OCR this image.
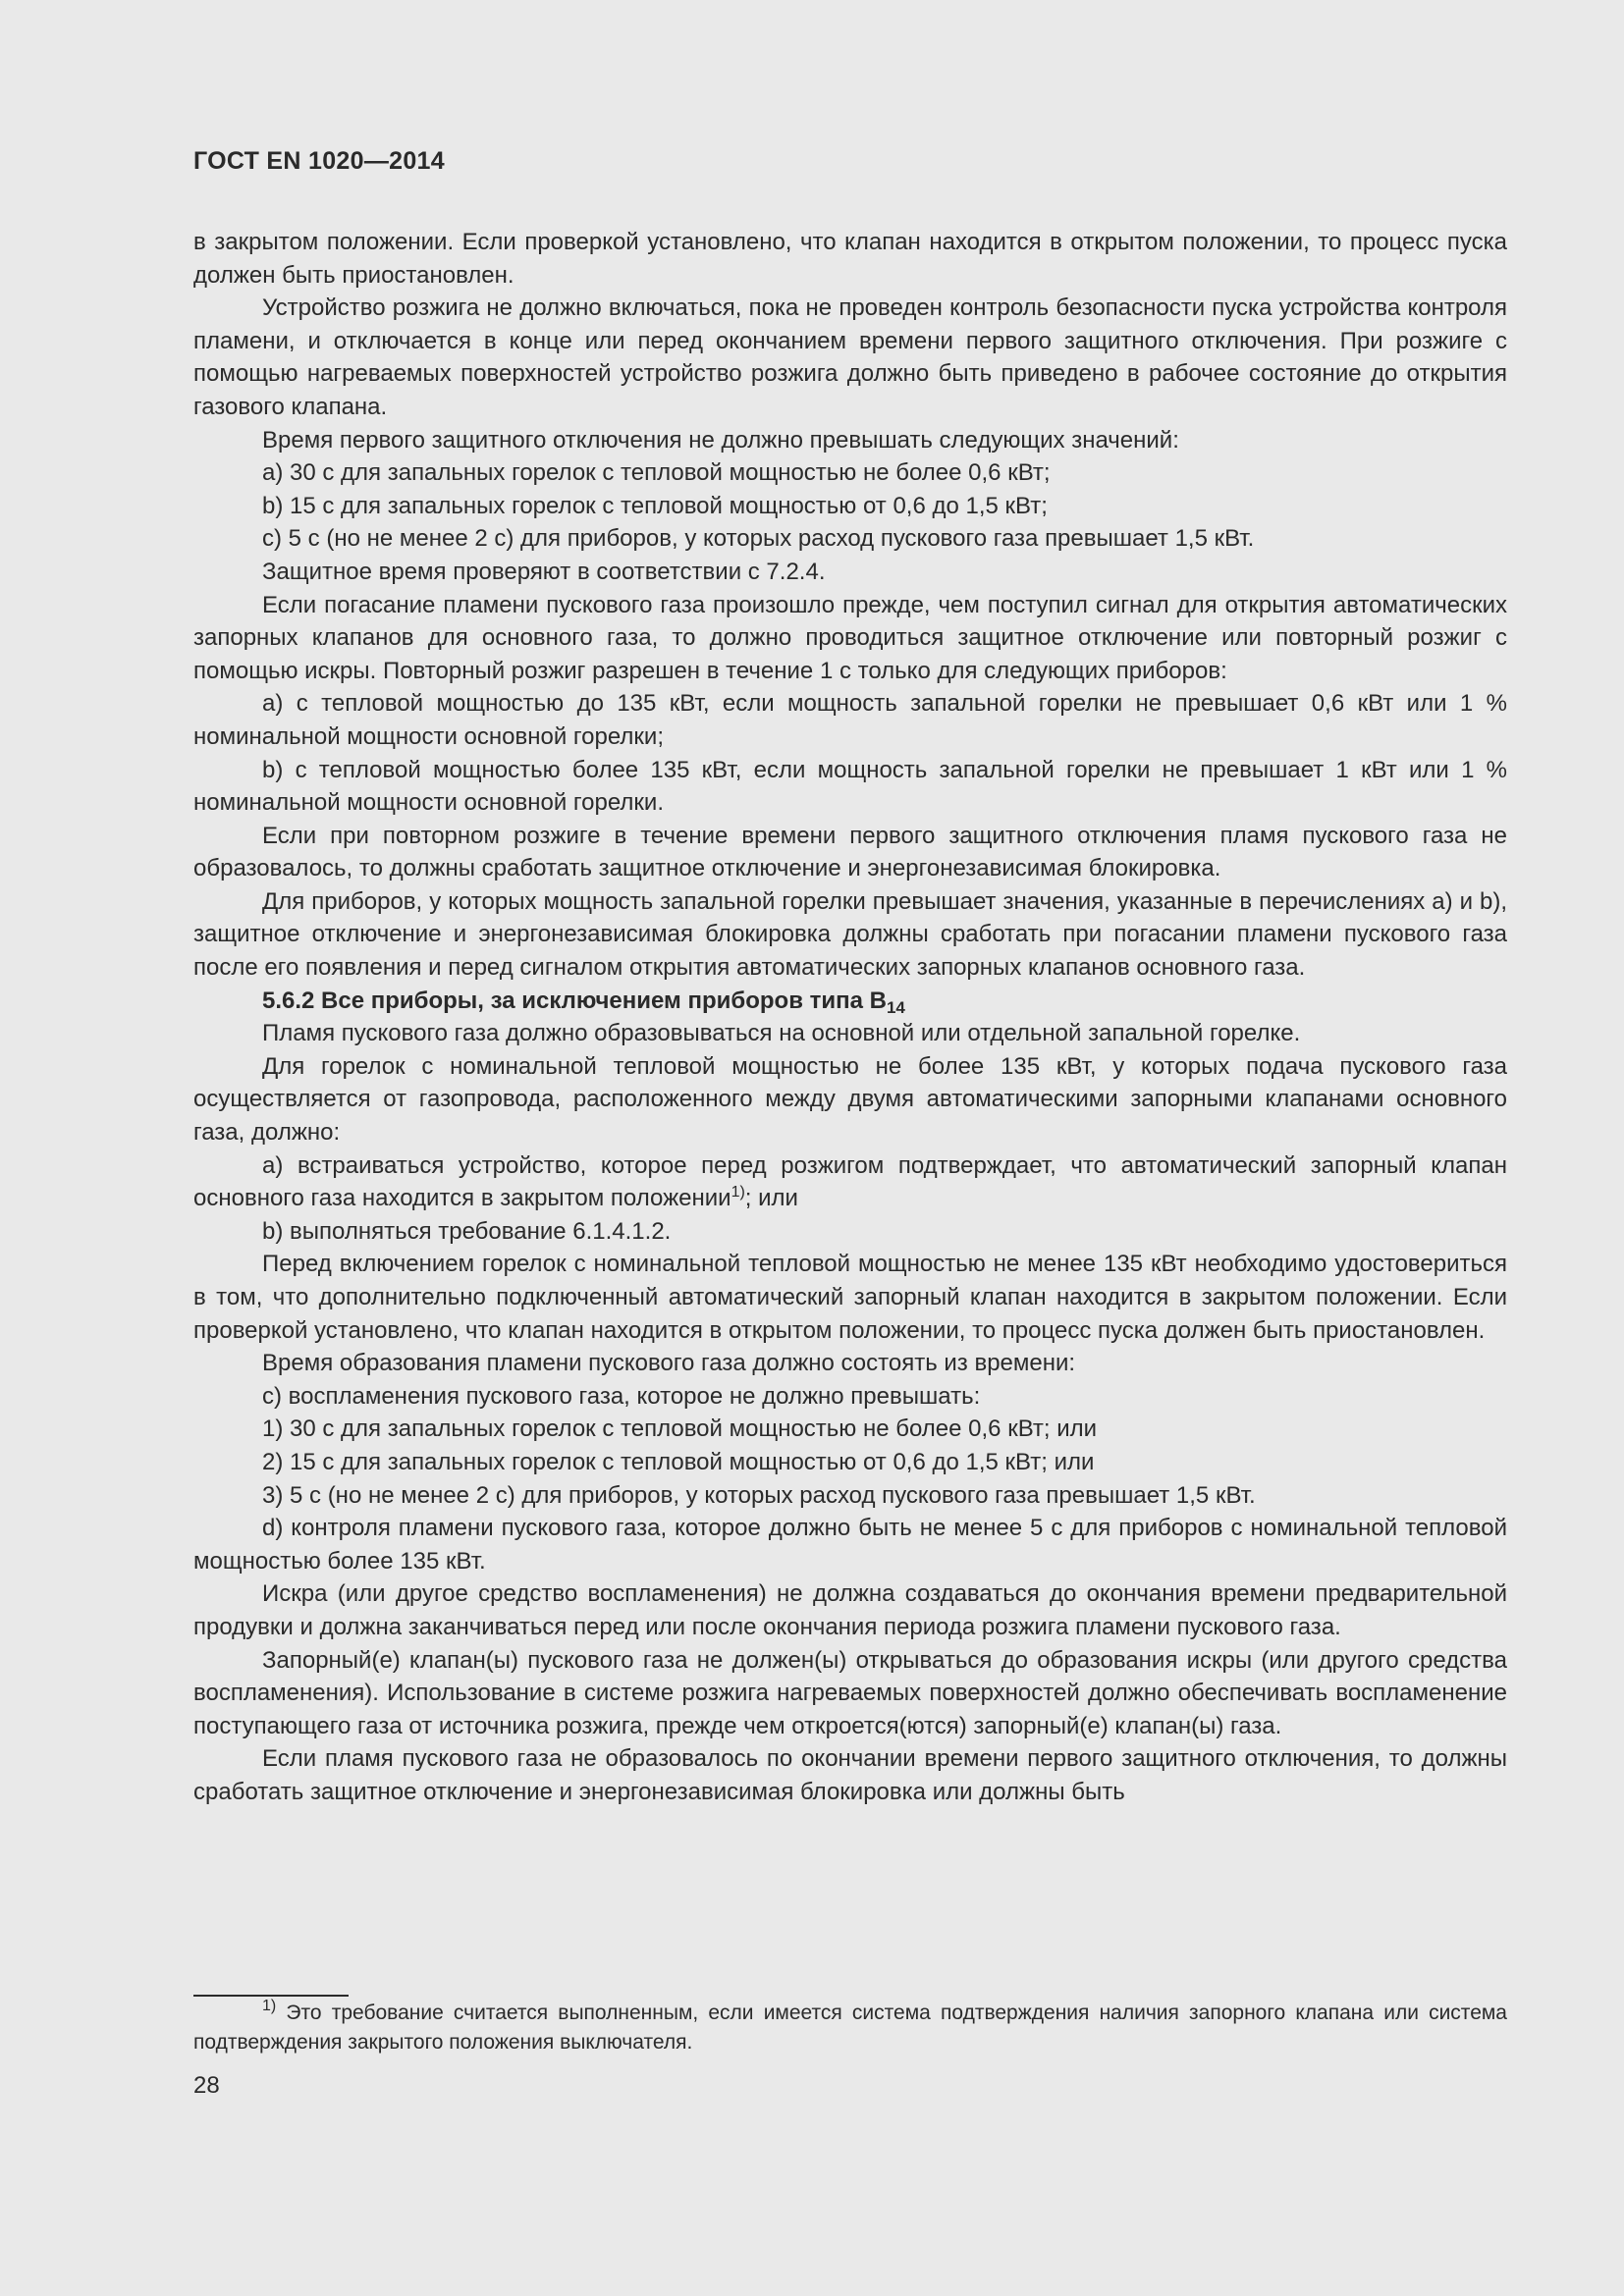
ГОСТ EN 1020—2014

в закрытом положении. Если проверкой установлено, что клапан находится в открытом положении, то процесс пуска должен быть приостановлен.

Устройство розжига не должно включаться, пока не проведен контроль безопасности пуска устройства контроля пламени, и отключается в конце или перед окончанием времени первого защитного отключения. При розжиге с помощью нагреваемых поверхностей устройство розжига должно быть приведено в рабочее состояние до открытия газового клапана.

Время первого защитного отключения не должно превышать следующих значений:

a) 30 с для запальных горелок с тепловой мощностью не более 0,6 кВт;

b) 15 с для запальных горелок с тепловой мощностью от 0,6 до 1,5 кВт;

c) 5 с (но не менее 2 с) для приборов, у которых расход пускового газа превышает 1,5 кВт.

Защитное время проверяют в соответствии с 7.2.4.

Если погасание пламени пускового газа произошло прежде, чем поступил сигнал для открытия автоматических запорных клапанов для основного газа, то должно проводиться защитное отключение или повторный розжиг с помощью искры. Повторный розжиг разрешен в течение 1 с только для следующих приборов:

a) с тепловой мощностью до 135 кВт, если мощность запальной горелки не превышает 0,6 кВт или 1 % номинальной мощности основной горелки;

b) с тепловой мощностью более 135 кВт, если мощность запальной горелки не превышает 1 кВт или 1 % номинальной мощности основной горелки.

Если при повторном розжиге в течение времени первого защитного отключения пламя пускового газа не образовалось, то должны сработать защитное отключение и энергонезависимая блокировка.

Для приборов, у которых мощность запальной горелки превышает значения, указанные в перечислениях a) и b), защитное отключение и энергонезависимая блокировка должны сработать при погасании пламени пускового газа после его появления и перед сигналом открытия автоматических запорных клапанов основного газа.

5.6.2 Все приборы, за исключением приборов типа $B_{14}$

Пламя пускового газа должно образовываться на основной или отдельной запальной горелке.

Для горелок с номинальной тепловой мощностью не более 135 кВт, у которых подача пускового газа осуществляется от газопровода, расположенного между двумя автоматическими запорными клапанами основного газа, должно:

a) встраиваться устройство, которое перед розжигом подтверждает, что автоматический запорный клапан основного газа находится в закрытом положении$^{1)}$; или

b) выполняться требование 6.1.4.1.2.

Перед включением горелок с номинальной тепловой мощностью не менее 135 кВт необходимо удостовериться в том, что дополнительно подключенный автоматический запорный клапан находится в закрытом положении. Если проверкой установлено, что клапан находится в открытом положении, то процесс пуска должен быть приостановлен.

Время образования пламени пускового газа должно состоять из времени:

c) воспламенения пускового газа, которое не должно превышать:

1) 30 с для запальных горелок с тепловой мощностью не более 0,6 кВт; или

2) 15 с для запальных горелок с тепловой мощностью от 0,6 до 1,5 кВт; или

3) 5 с (но не менее 2 с) для приборов, у которых расход пускового газа превышает 1,5 кВт.

d) контроля пламени пускового газа, которое должно быть не менее 5 с для приборов с номинальной тепловой мощностью более 135 кВт.

Искра (или другое средство воспламенения) не должна создаваться до окончания времени предварительной продувки и должна заканчиваться перед или после окончания периода розжига пламени пускового газа.

Запорный(е) клапан(ы) пускового газа не должен(ы) открываться до образования искры (или другого средства воспламенения). Использование в системе розжига нагреваемых поверхностей должно обеспечивать воспламенение поступающего газа от источника розжига, прежде чем откроется(ются) запорный(е) клапан(ы) газа.

Если пламя пускового газа не образовалось по окончании времени первого защитного отключения, то должны сработать защитное отключение и энергонезависимая блокировка или должны быть

$^{1)}$ Это требование считается выполненным, если имеется система подтверждения наличия запорного клапана или система подтверждения закрытого положения выключателя.
28
